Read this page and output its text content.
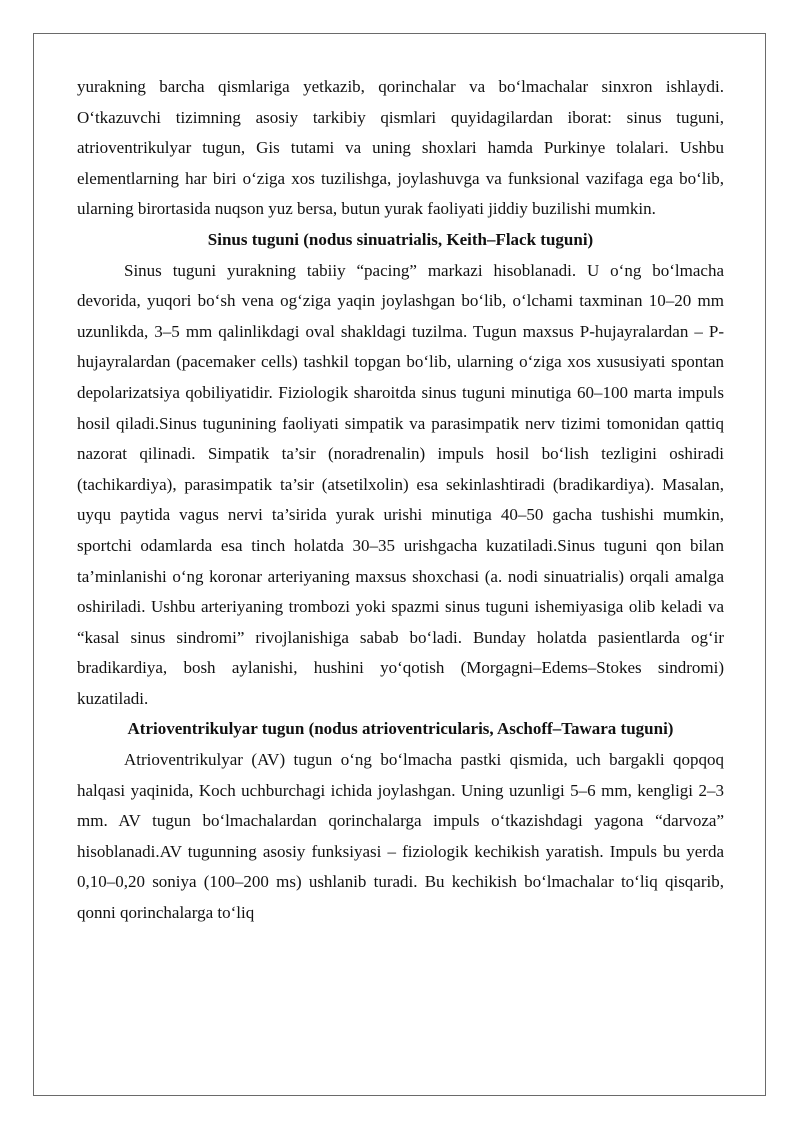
yurakning barcha qismlariga yetkazib, qorinchalar va bo‘lmachalar sinxron ishlaydi. O‘tkazuvchi tizimning asosiy tarkibiy qismlari quyidagilardan iborat: sinus tuguni, atrioventrikulyar tugun, Gis tutami va uning shoxlari hamda Purkinye tolalari. Ushbu elementlarning har biri o‘ziga xos tuzilishga, joylashuvga va funksional vazifaga ega bo‘lib, ularning birortasida nuqson yuz bersa, butun yurak faoliyati jiddiy buzilishi mumkin.

Sinus tuguni (nodus sinuatrialis, Keith–Flack tuguni)

Sinus tuguni yurakning tabiiy “pacing” markazi hisoblanadi. U o‘ng bo‘lmacha devorida, yuqori bo‘sh vena og‘ziga yaqin joylashgan bo‘lib, o‘lchami taxminan 10–20 mm uzunlikda, 3–5 mm qalinlikdagi oval shakldagi tuzilma. Tugun maxsus P-hujayralardan – P-hujayralardan (pacemaker cells) tashkil topgan bo‘lib, ularning o‘ziga xos xususiyati spontan depolarizatsiya qobiliyatidir. Fiziologik sharoitda sinus tuguni minutiga 60–100 marta impuls hosil qiladi.Sinus tugunining faoliyati simpatik va parasimpatik nerv tizimi tomonidan qattiq nazorat qilinadi. Simpatik ta’sir (noradrenalin) impuls hosil bo‘lish tezligini oshiradi (tachikardiya), parasimpatik ta’sir (atsetilxolin) esa sekinlashtiradi (bradikardiya). Masalan, uyqu paytida vagus nervi ta’sirida yurak urishi minutiga 40–50 gacha tushishi mumkin, sportchi odamlarda esa tinch holatda 30–35 urishgacha kuzatiladi.Sinus tuguni qon bilan ta’minlanishi o‘ng koronar arteriyaning maxsus shoxchasi (a. nodi sinuatrialis) orqali amalga oshiriladi. Ushbu arteriyaning trombozi yoki spazmi sinus tuguni ishemiyasiga olib keladi va “kasal sinus sindromi” rivojlanishiga sabab bo‘ladi. Bunday holatda pasientlarda og‘ir bradikardiya, bosh aylanishi, hushini yo‘qotish (Morgagni–Edems–Stokes sindromi) kuzatiladi.

Atrioventrikulyar tugun (nodus atrioventricularis, Aschoff–Tawara tuguni)

Atrioventrikulyar (AV) tugun o‘ng bo‘lmacha pastki qismida, uch bargakli qopqoq halqasi yaqinida, Koch uchburchagi ichida joylashgan. Uning uzunligi 5–6 mm, kengligi 2–3 mm. AV tugun bo‘lmachalardan qorinchalarga impuls o‘tkazishdagi yagona “darvoza” hisoblanadi.AV tugunning asosiy funksiyasi – fiziologik kechikish yaratish. Impuls bu yerda 0,10–0,20 soniya (100–200 ms) ushlanib turadi. Bu kechikish bo‘lmachalar to‘liq qisqarib, qonni qorinchalarga to‘liq
